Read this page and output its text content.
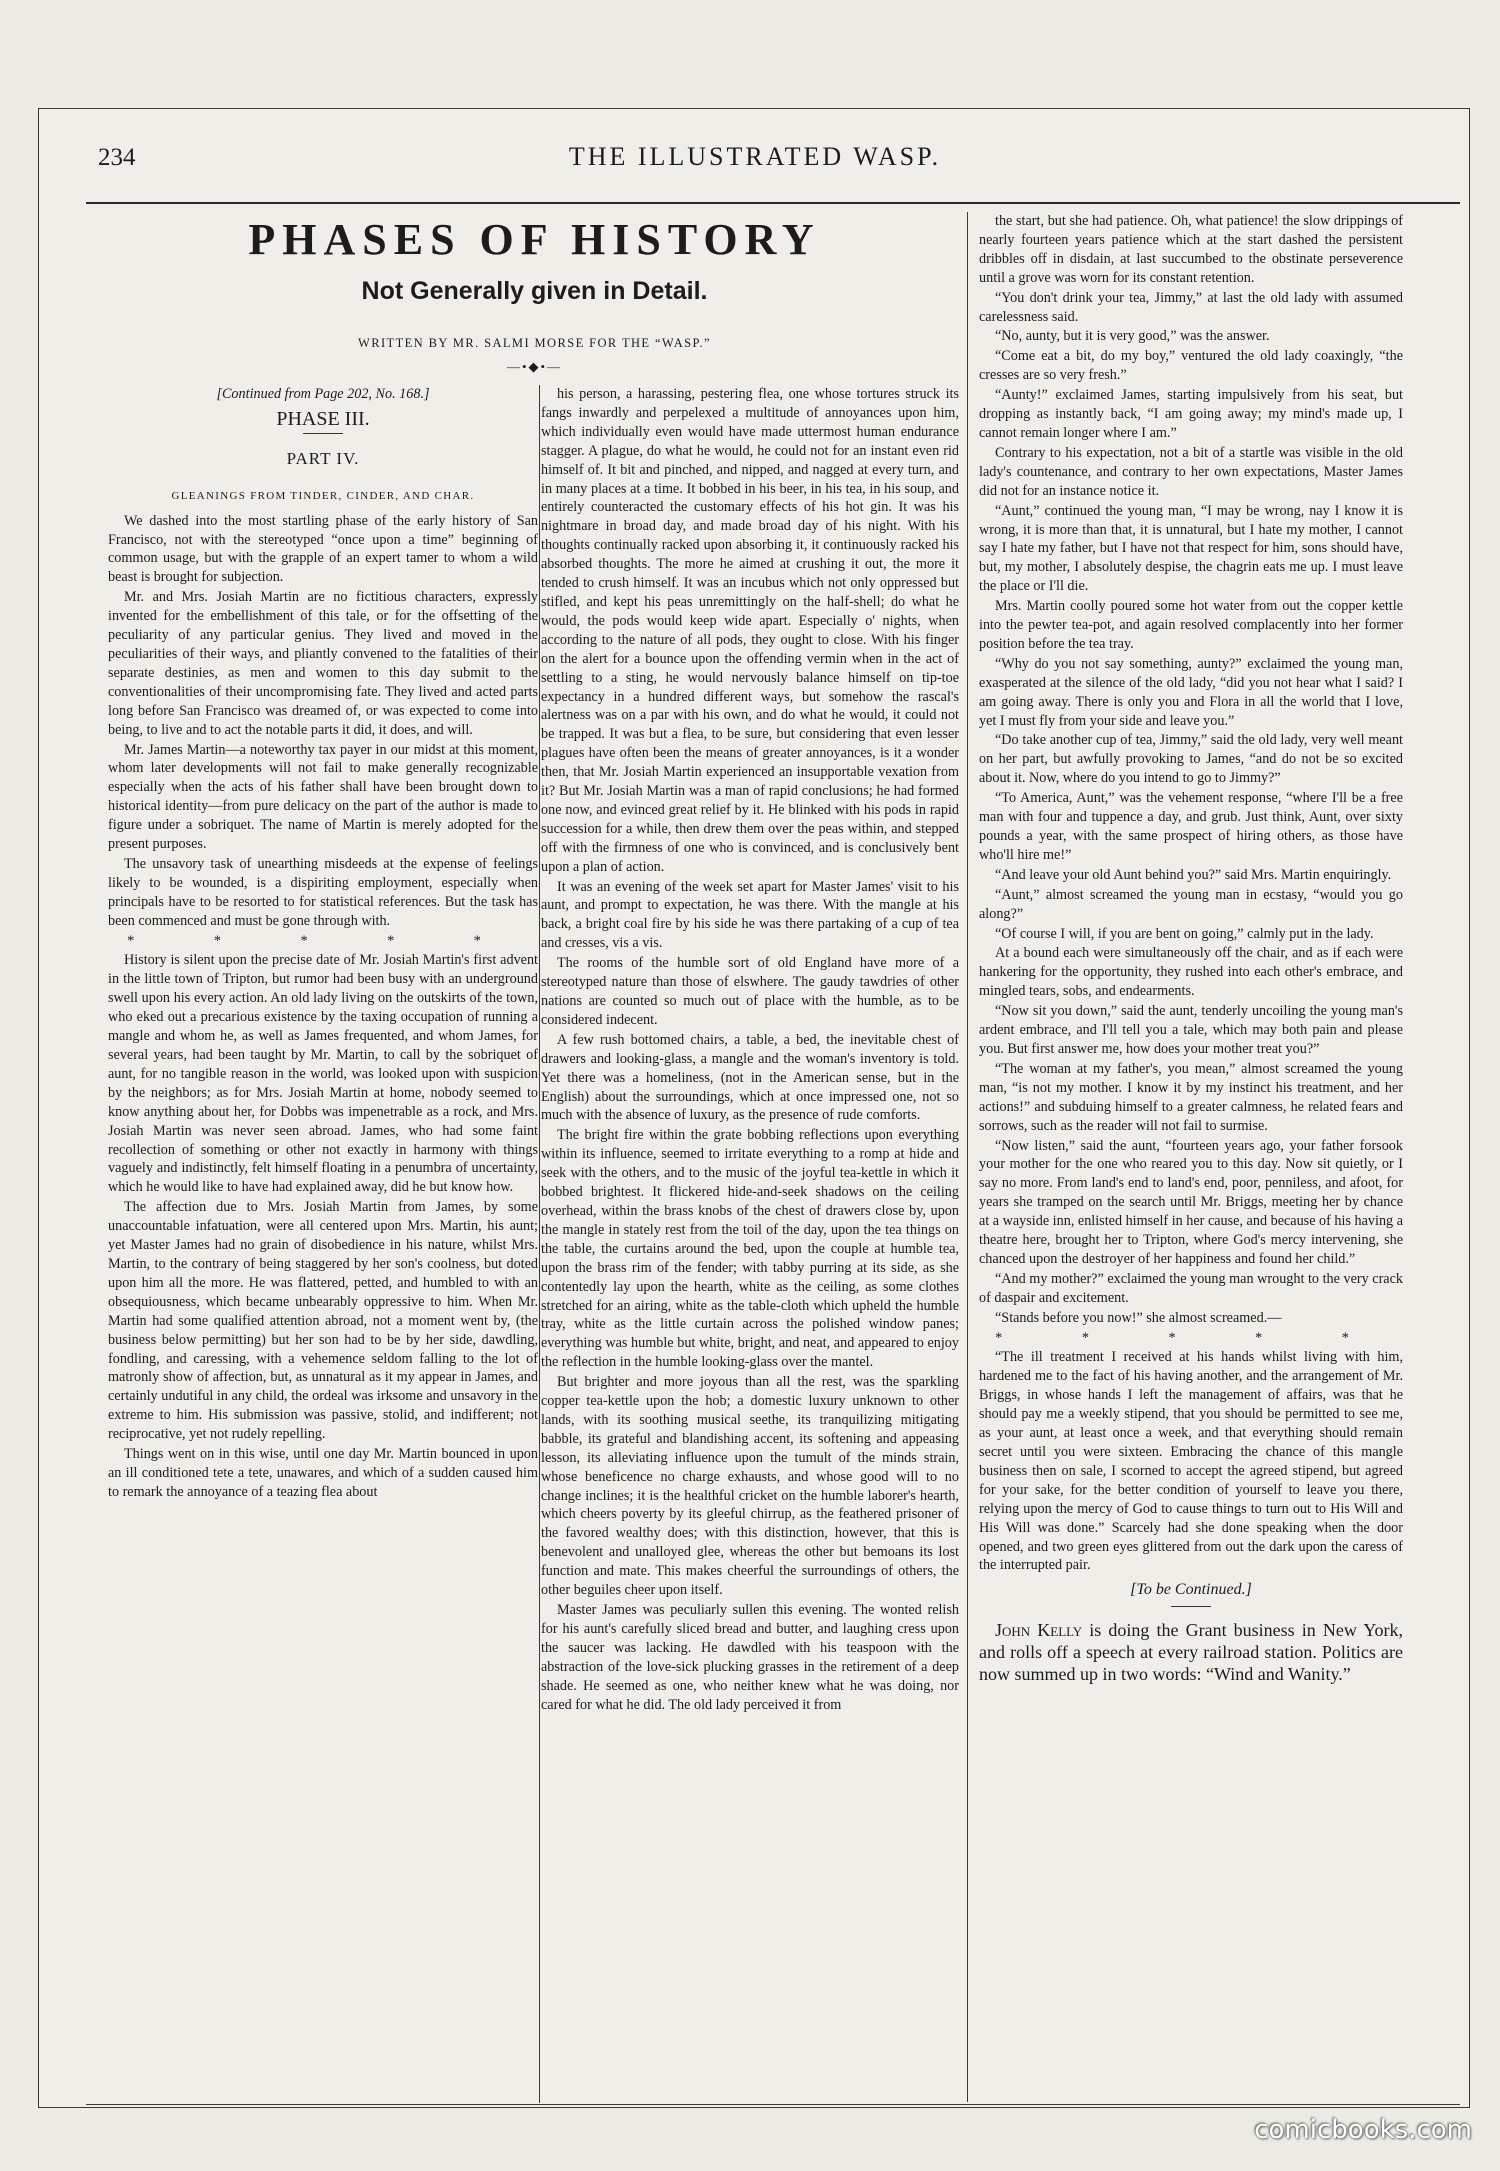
234	THE ILLUSTRATED WASP.
PHASES OF HISTORY
Not Generally given in Detail.
WRITTEN BY MR. SALMI MORSE FOR THE “WASP.”
—•◆•—

[Continued from Page 202, No. 168.]

PHASE III.

PART IV.

GLEANINGS FROM TINDER, CINDER, AND CHAR.

We dashed into the most startling phase of the early history of San Francisco, not with the stereotyped “once upon a time” beginning of common usage, but with the grapple of an expert tamer to whom a wild beast is brought for subjection.

Mr. and Mrs. Josiah Martin are no fictitious characters, expressly invented for the embellishment of this tale, or for the offsetting of the peculiarity of any particular genius. They lived and moved in the peculiarities of their ways, and pliantly convened to the fatalities of their separate destinies, as men and women to this day submit to the conventionalities of their uncompromising fate. They lived and acted parts long before San Francisco was dreamed of, or was expected to come into being, to live and to act the notable parts it did, it does, and will.

Mr. James Martin—a noteworthy tax payer in our midst at this moment, whom later developments will not fail to make generally recognizable especially when the acts of his father shall have been brought down to historical identity—from pure delicacy on the part of the author is made to figure under a sobriquet. The name of Martin is merely adopted for the present purposes.

The unsavory task of unearthing misdeeds at the expense of feelings likely to be wounded, is a dispiriting employment, especially when principals have to be resorted to for statistical references. But the task has been commenced and must be gone through with.

* * * * *

History is silent upon the precise date of Mr. Josiah Martin's first advent in the little town of Tripton, but rumor had been busy with an underground swell upon his every action. An old lady living on the outskirts of the town, who eked out a precarious existence by the taxing occupation of running a mangle and whom he, as well as James frequented, and whom James, for several years, had been taught by Mr. Martin, to call by the sobriquet of aunt, for no tangible reason in the world, was looked upon with suspicion by the neighbors; as for Mrs. Josiah Martin at home, nobody seemed to know anything about her, for Dobbs was impenetrable as a rock, and Mrs. Josiah Martin was never seen abroad. James, who had some faint recollection of something or other not exactly in harmony with things vaguely and indistinctly, felt himself floating in a penumbra of uncertainty, which he would like to have had explained away, did he but know how.

The affection due to Mrs. Josiah Martin from James, by some unaccountable infatuation, were all centered upon Mrs. Martin, his aunt; yet Master James had no grain of disobedience in his nature, whilst Mrs. Martin, to the contrary of being staggered by her son's coolness, but doted upon him all the more. He was flattered, petted, and humbled to with an obsequiousness, which became unbearably oppressive to him. When Mr. Martin had some qualified attention abroad, not a moment went by, (the business below permitting) but her son had to be by her side, dawdling, fondling, and caressing, with a vehemence seldom falling to the lot of matronly show of affection, but, as unnatural as it my appear in James, and certainly undutiful in any child, the ordeal was irksome and unsavory in the extreme to him. His submission was passive, stolid, and indifferent; not reciprocative, yet not rudely repelling.

Things went on in this wise, until one day Mr. Martin bounced in upon an ill conditioned tete a tete, unawares, and which of a sudden caused him to remark the annoyance of a teazing flea about

his person, a harassing, pestering flea, one whose tortures struck its fangs inwardly and perpelexed a multitude of annoyances upon him, which individually even would have made uttermost human endurance stagger. A plague, do what he would, he could not for an instant even rid himself of. It bit and pinched, and nipped, and nagged at every turn, and in many places at a time. It bobbed in his beer, in his tea, in his soup, and entirely counteracted the customary effects of his hot gin. It was his nightmare in broad day, and made broad day of his night. With his thoughts continually racked upon absorbing it, it continuously racked his absorbed thoughts. The more he aimed at crushing it out, the more it tended to crush himself. It was an incubus which not only oppressed but stifled, and kept his peas unremittingly on the half-shell; do what he would, the pods would keep wide apart. Especially o' nights, when according to the nature of all pods, they ought to close. With his finger on the alert for a bounce upon the offending vermin when in the act of settling to a sting, he would nervously balance himself on tip-toe expectancy in a hundred different ways, but somehow the rascal's alertness was on a par with his own, and do what he would, it could not be trapped. It was but a flea, to be sure, but considering that even lesser plagues have often been the means of greater annoyances, is it a wonder then, that Mr. Josiah Martin experienced an insupportable vexation from it? But Mr. Josiah Martin was a man of rapid conclusions; he had formed one now, and evinced great relief by it. He blinked with his pods in rapid succession for a while, then drew them over the peas within, and stepped off with the firmness of one who is convinced, and is conclusively bent upon a plan of action.

It was an evening of the week set apart for Master James' visit to his aunt, and prompt to expectation, he was there. With the mangle at his back, a bright coal fire by his side he was there partaking of a cup of tea and cresses, vis a vis.

The rooms of the humble sort of old England have more of a stereotyped nature than those of elswhere. The gaudy tawdries of other nations are counted so much out of place with the humble, as to be considered indecent.

A few rush bottomed chairs, a table, a bed, the inevitable chest of drawers and looking-glass, a mangle and the woman's inventory is told. Yet there was a homeliness, (not in the American sense, but in the English) about the surroundings, which at once impressed one, not so much with the absence of luxury, as the presence of rude comforts.

The bright fire within the grate bobbing reflections upon everything within its influence, seemed to irritate everything to a romp at hide and seek with the others, and to the music of the joyful tea-kettle in which it bobbed brightest. It flickered hide-and-seek shadows on the ceiling overhead, within the brass knobs of the chest of drawers close by, upon the mangle in stately rest from the toil of the day, upon the tea things on the table, the curtains around the bed, upon the couple at humble tea, upon the brass rim of the fender; with tabby purring at its side, as she contentedly lay upon the hearth, white as the ceiling, as some clothes stretched for an airing, white as the table-cloth which upheld the humble tray, white as the little curtain across the polished window panes; everything was humble but white, bright, and neat, and appeared to enjoy the reflection in the humble looking-glass over the mantel.

But brighter and more joyous than all the rest, was the sparkling copper tea-kettle upon the hob; a domestic luxury unknown to other lands, with its soothing musical seethe, its tranquilizing mitigating babble, its grateful and blandishing accent, its softening and appeasing lesson, its alleviating influence upon the tumult of the minds strain, whose beneficence no charge exhausts, and whose good will to no change inclines; it is the healthful cricket on the humble laborer's hearth, which cheers poverty by its gleeful chirrup, as the feathered prisoner of the favored wealthy does; with this distinction, however, that this is benevolent and unalloyed glee, whereas the other but bemoans its lost function and mate. This makes cheerful the surroundings of others, the other beguiles cheer upon itself.

Master James was peculiarly sullen this evening. The wonted relish for his aunt's carefully sliced bread and butter, and laughing cress upon the saucer was lacking. He dawdled with his teaspoon with the abstraction of the love-sick plucking grasses in the retirement of a deep shade. He seemed as one, who neither knew what he was doing, nor cared for what he did. The old lady perceived it from

the start, but she had patience. Oh, what patience! the slow drippings of nearly fourteen years patience which at the start dashed the persistent dribbles off in disdain, at last succumbed to the obstinate perseverence until a grove was worn for its constant retention.

“You don't drink your tea, Jimmy,” at last the old lady with assumed carelessness said.

“No, aunty, but it is very good,” was the answer.

“Come eat a bit, do my boy,” ventured the old lady coaxingly, “the cresses are so very fresh.”

“Aunty!” exclaimed James, starting impulsively from his seat, but dropping as instantly back, “I am going away; my mind's made up, I cannot remain longer where I am.”

Contrary to his expectation, not a bit of a startle was visible in the old lady's countenance, and contrary to her own expectations, Master James did not for an instance notice it.

“Aunt,” continued the young man, “I may be wrong, nay I know it is wrong, it is more than that, it is unnatural, but I hate my mother, I cannot say I hate my father, but I have not that respect for him, sons should have, but, my mother, I absolutely despise, the chagrin eats me up. I must leave the place or I'll die.

Mrs. Martin coolly poured some hot water from out the copper kettle into the pewter tea-pot, and again resolved complacently into her former position before the tea tray.

“Why do you not say something, aunty?” exclaimed the young man, exasperated at the silence of the old lady, “did you not hear what I said? I am going away. There is only you and Flora in all the world that I love, yet I must fly from your side and leave you.”

“Do take another cup of tea, Jimmy,” said the old lady, very well meant on her part, but awfully provoking to James, “and do not be so excited about it. Now, where do you intend to go to Jimmy?”

“To America, Aunt,” was the vehement response, “where I'll be a free man with four and tuppence a day, and grub. Just think, Aunt, over sixty pounds a year, with the same prospect of hiring others, as those have who'll hire me!”

“And leave your old Aunt behind you?” said Mrs. Martin enquiringly.

“Aunt,” almost screamed the young man in ecstasy, “would you go along?”

“Of course I will, if you are bent on going,” calmly put in the lady.

At a bound each were simultaneously off the chair, and as if each were hankering for the opportunity, they rushed into each other's embrace, and mingled tears, sobs, and endearments.

“Now sit you down,” said the aunt, tenderly uncoiling the young man's ardent embrace, and I'll tell you a tale, which may both pain and please you. But first answer me, how does your mother treat you?”

“The woman at my father's, you mean,” almost screamed the young man, “is not my mother. I know it by my instinct his treatment, and her actions!” and subduing himself to a greater calmness, he related fears and sorrows, such as the reader will not fail to surmise.

“Now listen,” said the aunt, “fourteen years ago, your father forsook your mother for the one who reared you to this day. Now sit quietly, or I say no more. From land's end to land's end, poor, penniless, and afoot, for years she tramped on the search until Mr. Briggs, meeting her by chance at a wayside inn, enlisted himself in her cause, and because of his having a theatre here, brought her to Tripton, where God's mercy intervening, she chanced upon the destroyer of her happiness and found her child.”

“And my mother?” exclaimed the young man wrought to the very crack of daspair and excitement.

“Stands before you now!” she almost screamed.—

* * * * *

“The ill treatment I received at his hands whilst living with him, hardened me to the fact of his having another, and the arrangement of Mr. Briggs, in whose hands I left the management of affairs, was that he should pay me a weekly stipend, that you should be permitted to see me, as your aunt, at least once a week, and that everything should remain secret until you were sixteen. Embracing the chance of this mangle business then on sale, I scorned to accept the agreed stipend, but agreed for your sake, for the better condition of yourself to leave you there, relying upon the mercy of God to cause things to turn out to His Will and His Will was done.” Scarcely had she done speaking when the door opened, and two green eyes glittered from out the dark upon the caress of the interrupted pair.

[To be Continued.]

John Kelly is doing the Grant business in New York, and rolls off a speech at every railroad station. Politics are now summed up in two words: “Wind and Wanity.”

comicbooks.com
